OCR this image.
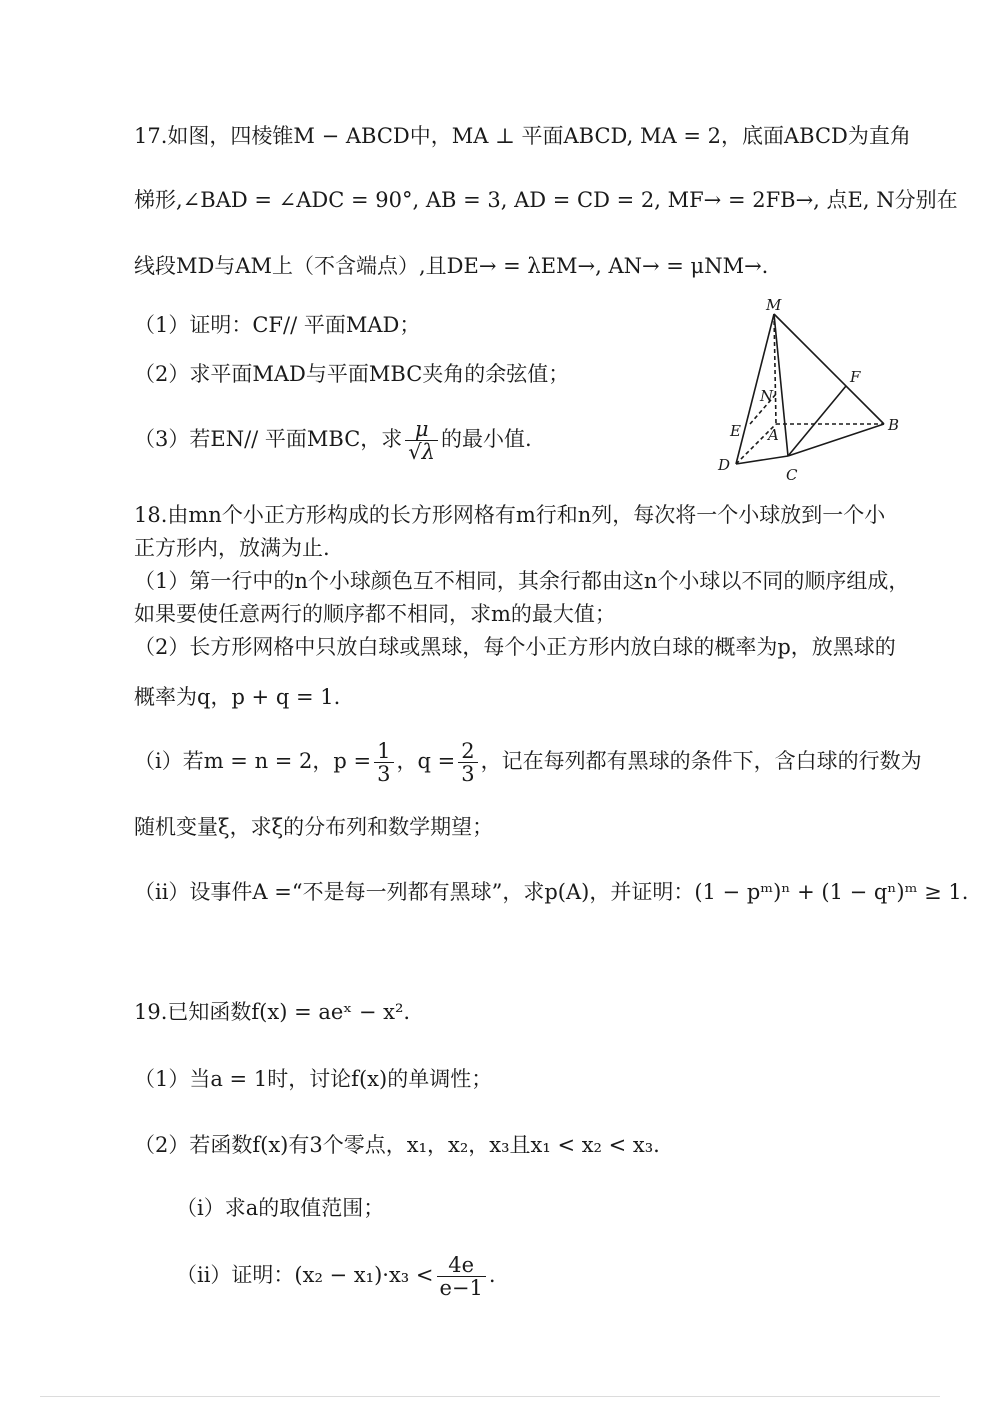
17.如图，四棱锥M − ABCD中，MA ⊥ 平面ABCD, MA = 2，底面ABCD为直角
梯形,∠BAD = ∠ADC = 90°, AB = 3, AD = CD = 2, MF→ = 2FB→, 点E, N分别在
线段MD与AM上（不含端点）,且DE→ = λEM→, AN→ = μNM→.
（1）证明：CF// 平面MAD；
（2）求平面MAD与平面MBC夹角的余弦值；
（3）若EN// 平面MBC，求 $\frac{\mu}{√\lambda}$ 的最小值.
M
N
F
E A
B
D
C
18.由mn个小正方形构成的长方形网格有m行和n列，每次将一个小球放到一个小
正方形内，放满为止.
（1）第一行中的n个小球颜色互不相同，其余行都由这n个小球以不同的顺序组成，
如果要使任意两行的顺序都不相同，求m的最大值；
（2）长方形网格中只放白球或黑球，每个小正方形内放白球的概率为p，放黑球的
概率为q，p + q = 1.
（i）若m = n = 2，$p = \frac{1}{3}$ ，$q = \frac{2}{3}$ ，记在每列都有黑球的条件下，含白球的行数为
随机变量ξ，求ξ的分布列和数学期望；
（ii）设事件A =“不是每一列都有黑球”，求p(A)，并证明：(1 − pᵐ)ⁿ + (1 − qⁿ)ᵐ ≥ 1.
19.已知函数f(x) = aeˣ − x².
（1）当a = 1时，讨论f(x)的单调性；
（2）若函数f(x)有3个零点，x₁，x₂，x₃且x₁ < x₂ < x₃.
（i）求a的取值范围；
（ii）证明：$(x_2 - x_1)\cdot x_3 < \frac{4e}{e-1}$ .
